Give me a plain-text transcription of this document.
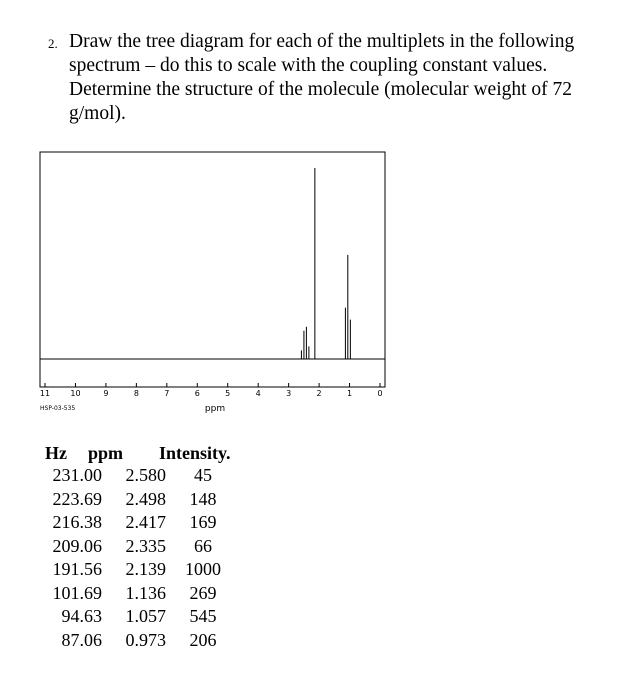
2. Draw the tree diagram for each of the multiplets in the following spectrum – do this to scale with the coupling constant values. Determine the structure of the molecule (molecular weight of 72 g/mol).
11	10	9	8	7	6	5	4	3	2	1	0
HSP-03-535	ppm
Hz ppm Intensity.
231.00	2.580	45
223.69	2.498	148
216.38	2.417	169
209.06	2.335	66
191.56	2.139	1000
101.69	1.136	269
94.63	1.057	545
87.06	0.973	206
